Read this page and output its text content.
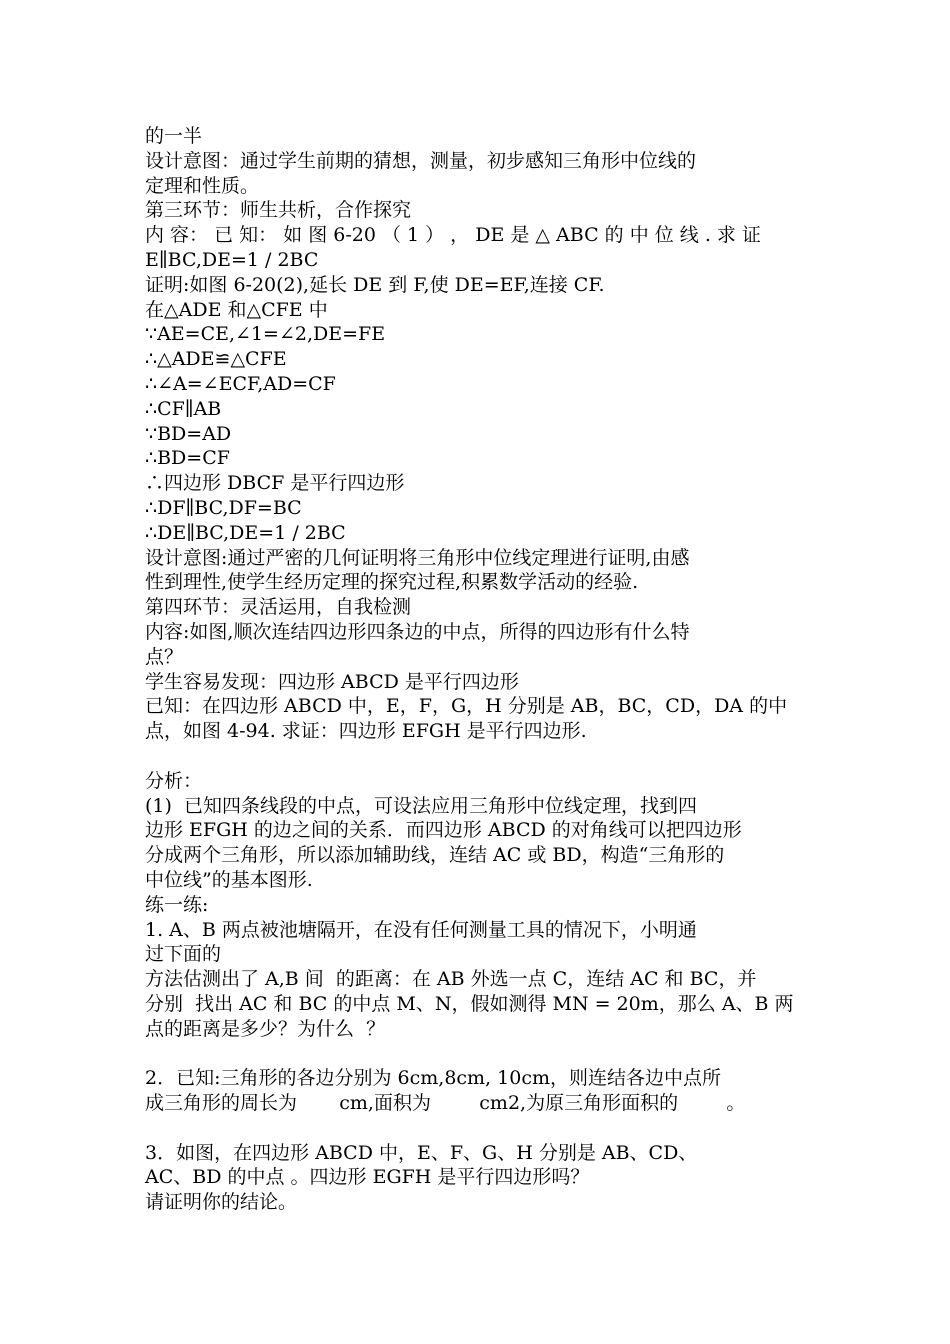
的一半
设计意图：通过学生前期的猜想，测量，初步感知三角形中位线的
定理和性质。
第三环节：师生共析，合作探究
内 容： 已 知： 如 图 6-20 （ 1 ） ， DE 是 △ ABC 的 中 位 线 . 求 证
E∥BC,DE=1 / 2BC
证明:如图 6-20(2),延长 DE 到 F,使 DE=EF,连接 CF.
在△ADE 和△CFE 中
∵AE=CE,∠1=∠2,DE=FE
∴△ADE≌△CFE
∴∠A=∠ECF,AD=CF
∴CF∥AB
∵BD=AD
∴BD=CF
∴四边形 DBCF 是平行四边形
∴DF∥BC,DF=BC
∴DE∥BC,DE=1 / 2BC
设计意图:通过严密的几何证明将三角形中位线定理进行证明,由感
性到理性,使学生经历定理的探究过程,积累数学活动的经验.
第四环节：灵活运用，自我检测
内容:如图,顺次连结四边形四条边的中点，所得的四边形有什么特
点？
学生容易发现：四边形 ABCD 是平行四边形
已知：在四边形 ABCD 中，E，F，G，H 分别是 AB，BC，CD，DA 的中
点，如图 4-94. 求证：四边形 EFGH 是平行四边形.
分析：
(1)  已知四条线段的中点，可设法应用三角形中位线定理，找到四
边形 EFGH 的边之间的关系．而四边形 ABCD 的对角线可以把四边形
分成两个三角形，所以添加辅助线，连结 AC 或 BD，构造“三角形的
中位线”的基本图形.
练一练:
1. A、B 两点被池塘隔开，在没有任何测量工具的情况下，小明通
过下面的
方法估测出了 A,B 间  的距离：在 AB 外选一点 C，连结 AC 和 BC，并
分别  找出 AC 和 BC 的中点 M、N，假如测得 MN = 20m，那么 A、B 两
点的距离是多少？为什么  ？
2．已知:三角形的各边分别为 6cm,8cm, 10cm，则连结各边中点所
成三角形的周长为       cm,面积为        cm2,为原三角形面积的        。
3．如图，在四边形 ABCD 中，E、F、G、H 分别是 AB、CD、
AC、BD 的中点 。四边形 EGFH 是平行四边形吗？
请证明你的结论。
